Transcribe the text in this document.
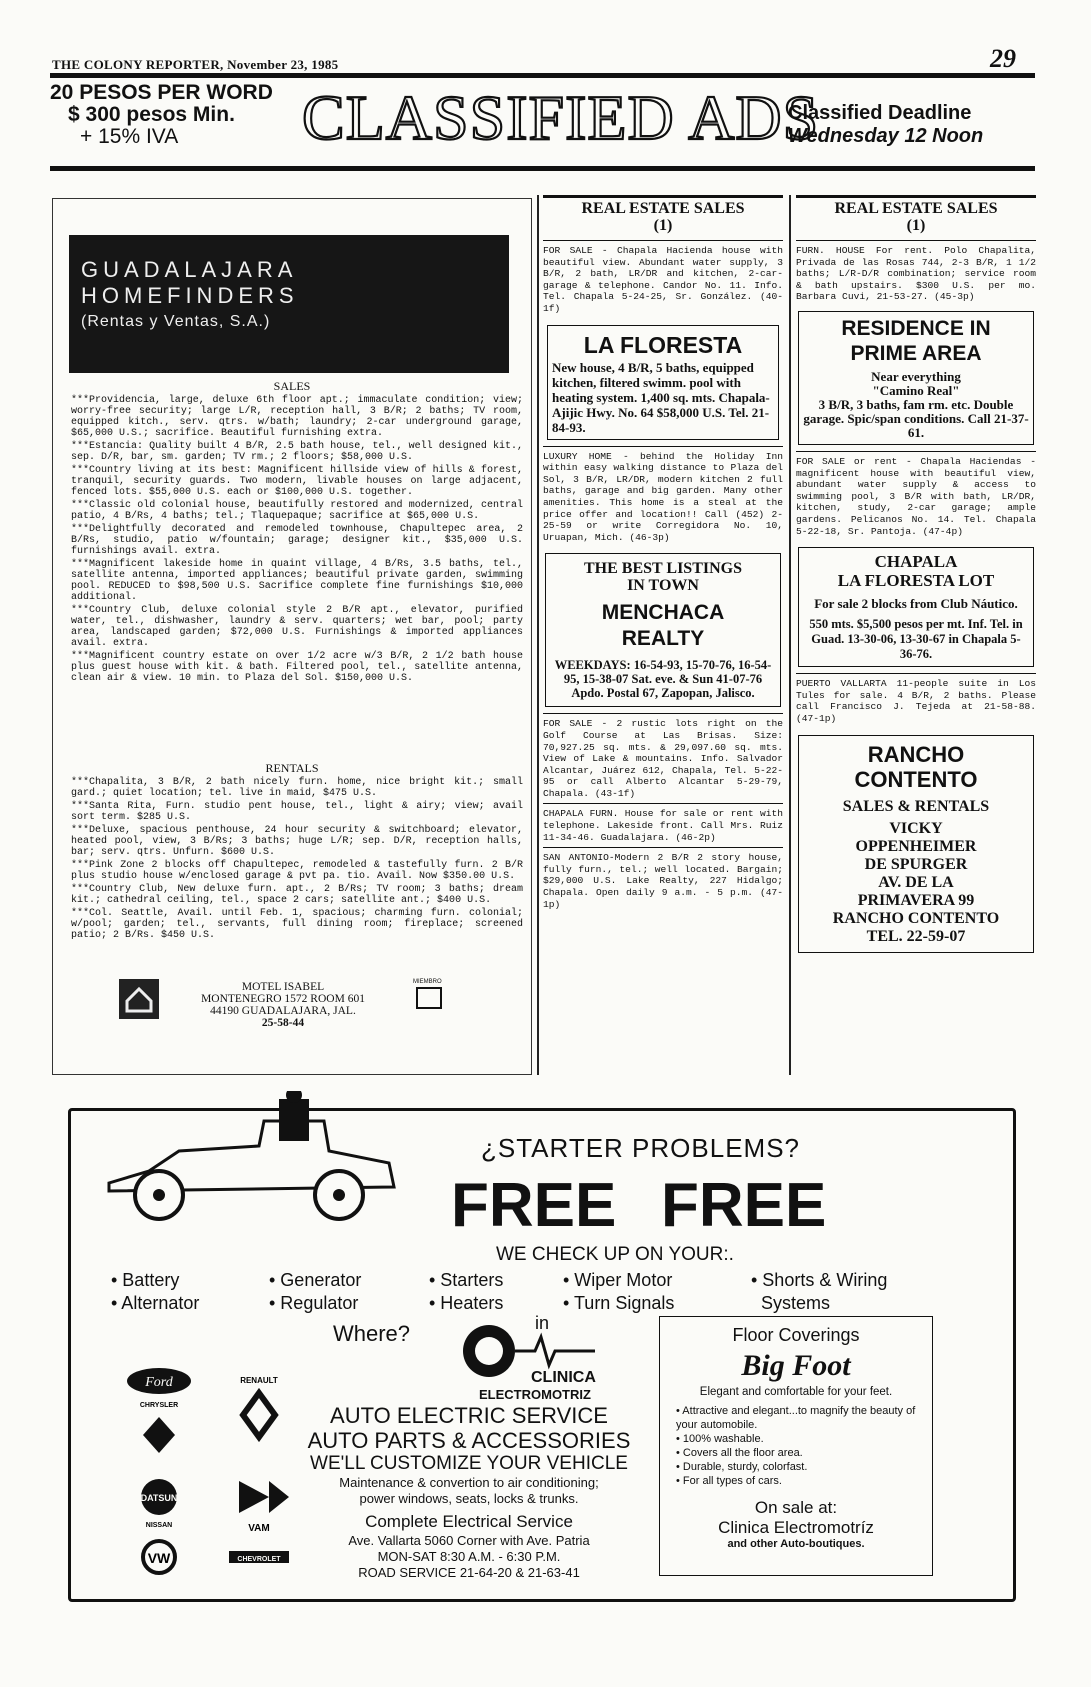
THE COLONY REPORTER, November 23, 1985	29
20 PESOS PER WORD
$ 300 pesos Min.
+ 15% IVA	CLASSIFIED ADS
Classified Deadline
Wednesday 12 Noon
GUADALAJARA
HOMEFINDERS
(Rentas y Ventas, S.A.)
SALES
***Providencia, large, deluxe 6th floor apt.; immaculate condition; view; worry-free security; large L/R, reception hall, 3 B/R; 2 baths; TV room, equipped kitch., serv. qtrs. w/bath; laundry; 2-car underground garage, $65,000 U.S.; sacrifice. Beautiful furnishing extra.
***Estancia: Quality built 4 B/R, 2.5 bath house, tel., well designed kit., sep. D/R, bar, sm. garden; TV rm.; 2 floors; $58,000 U.S.
***Country living at its best: Magnificent hillside view of hills & forest, tranquil, security guards. Two modern, livable houses on large adjacent, fenced lots. $55,000 U.S. each or $100,000 U.S. together.
***Classic old colonial house, beautifully restored and modernized, central patio, 4 B/Rs, 4 baths; tel.; Tlaquepaque; sacrifice at $65,000 U.S.
***Delightfully decorated and remodeled townhouse, Chapultepec area, 2 B/Rs, studio, patio w/fountain; garage; designer kit., $35,000 U.S. furnishings avail. extra.
***Magnificent lakeside home in quaint village, 4 B/Rs, 3.5 baths, tel., satellite antenna, imported appliances; beautiful private garden, swimming pool. REDUCED to $98,500 U.S. Sacrifice complete fine furnishings $10,000 additional.
***Country Club, deluxe colonial style 2 B/R apt., elevator, purified water, tel., dishwasher, laundry & serv. quarters; wet bar, pool; party area, landscaped garden; $72,000 U.S. Furnishings & imported appliances avail. extra.
***Magnificent country estate on over 1/2 acre w/3 B/R, 2 1/2 bath house plus guest house with kit. & bath. Filtered pool, tel., satellite antenna, clean air & view. 10 min. to Plaza del Sol. $150,000 U.S.
RENTALS
***Chapalita, 3 B/R, 2 bath nicely furn. home, nice bright kit.; small gard.; quiet location; tel. live in maid, $475 U.S.
***Santa Rita, Furn. studio pent house, tel., light & airy; view; avail sort term. $285 U.S.
***Deluxe, spacious penthouse, 24 hour security & switchboard; elevator, heated pool, view, 3 B/Rs; 3 baths; huge L/R; sep. D/R, reception halls, bar; serv. qtrs. Unfurn. $600 U.S.
***Pink Zone 2 blocks off Chapultepec, remodeled & tastefully furn. 2 B/R plus studio house w/enclosed garage & pvt pa. tio. Avail. Now $350.00 U.S.
***Country Club, New deluxe furn. apt., 2 B/Rs; TV room; 3 baths; dream kit.; cathedral ceiling, tel., space 2 cars; satellite ant.; $400 U.S.
***Col. Seattle, Avail. until Feb. 1, spacious; charming furn. colonial; w/pool; garden; tel., servants, full dining room; fireplace; screened patio; 2 B/Rs. $450 U.S.
MOTEL ISABEL
MONTENEGRO 1572 ROOM 601
44190 GUADALAJARA, JAL.
25-58-44
MIEMBRO
REAL ESTATE SALES
(1)
FOR SALE - Chapala Hacienda house with beautiful view. Abundant water supply, 3 B/R, 2 bath, LR/DR and kitchen, 2-car-garage & telephone. Candor No. 11. Info. Tel. Chapala 5-24-25, Sr. González. (40-1f)
LA FLORESTA
New house, 4 B/R, 5 baths, equipped kitchen, filtered swimm. pool with heating system. 1,400 sq. mts. Chapala-Ajijic Hwy. No. 64 $58,000 U.S. Tel. 21-84-93.
LUXURY HOME - behind the Holiday Inn within easy walking distance to Plaza del Sol, 3 B/R, LR/DR, modern kitchen 2 full baths, garage and big garden. Many other amenities. This home is a steal at the price offer and location!! Call (452) 2-25-59 or write Corregidora No. 10, Uruapan, Mich. (46-3p)
THE BEST LISTINGS
IN TOWN
MENCHACA
REALTY
WEEKDAYS: 16-54-93, 15-70-76, 16-54-95, 15-38-07 Sat. eve. & Sun 41-07-76 Apdo. Postal 67, Zapopan, Jalisco.
FOR SALE - 2 rustic lots right on the Golf Course at Las Brisas. Size: 70,927.25 sq. mts. & 29,097.60 sq. mts. View of Lake & mountains. Info. Salvador Alcantar, Juárez 612, Chapala, Tel. 5-22-95 or call Alberto Alcantar 5-29-79, Chapala. (43-1f)
CHAPALA FURN. House for sale or rent with telephone. Lakeside front. Call Mrs. Ruiz 11-34-46. Guadalajara. (46-2p)
SAN ANTONIO-Modern 2 B/R 2 story house, fully furn., tel.; well located. Bargain; $29,000 U.S. Lake Realty, 227 Hidalgo; Chapala. Open daily 9 a.m. - 5 p.m. (47-1p)
REAL ESTATE SALES
(1)
FURN. HOUSE For rent. Polo Chapalita, Privada de las Rosas 744, 2-3 B/R, 1 1/2 baths; L/R-D/R combination; service room & bath upstairs. $300 U.S. per mo. Barbara Cuvi, 21-53-27. (45-3p)
RESIDENCE IN
PRIME AREA
Near everything
"Camino Real"
3 B/R, 3 baths, fam rm. etc. Double garage. Spic/span conditions. Call 21-37-61.
FOR SALE or rent - Chapala Haciendas - magnificent house with beautiful view, abundant water supply & access to swimming pool, 3 B/R with bath, LR/DR, kitchen, study, 2-car garage; ample gardens. Pelicanos No. 14. Tel. Chapala 5-22-18, Sr. Pantoja. (47-4p)
CHAPALA
LA FLORESTA LOT
For sale 2 blocks from Club Náutico.
550 mts. $5,500 pesos per mt. Inf. Tel. in Guad. 13-30-06, 13-30-67 in Chapala 5-36-76.
PUERTO VALLARTA 11-people suite in Los Tules for sale. 4 B/R, 2 baths. Please call Francisco J. Tejeda at 21-58-88. (47-1p)
RANCHO
CONTENTO
SALES & RENTALS
VICKY
OPPENHEIMER
DE SPURGER
AV. DE LA
PRIMAVERA 99
RANCHO CONTENTO
TEL. 22-59-07
¿STARTER PROBLEMS?
FREE FREE
WE CHECK UP ON YOUR:.
• Battery
• Alternator
• Generator
• Regulator
• Starters
• Heaters
• Wiper Motor
• Turn Signals
• Shorts & Wiring
Systems
Ford
CHRYSLER
RENAULT
DATSUN
NISSAN	VAM
VW	CHEVROLET
Where?	in
CLINICA
ELECTROMOTRIZ
AUTO ELECTRIC SERVICE
AUTO PARTS & ACCESSORIES
WE'LL CUSTOMIZE YOUR VEHICLE
Maintenance & convertion to air conditioning;
power windows, seats, locks & trunks.
Complete Electrical Service
Ave. Vallarta 5060 Corner with Ave. Patria
MON-SAT 8:30 A.M. - 6:30 P.M.
ROAD SERVICE 21-64-20 & 21-63-41
Floor Coverings
Big Foot
Elegant and comfortable for your feet.
• Attractive and elegant...to magnify the beauty of your automobile.
• 100% washable.
• Covers all the floor area.
• Durable, sturdy, colorfast.
• For all types of cars.
On sale at:
Clinica Electromotríz
and other Auto-boutiques.
